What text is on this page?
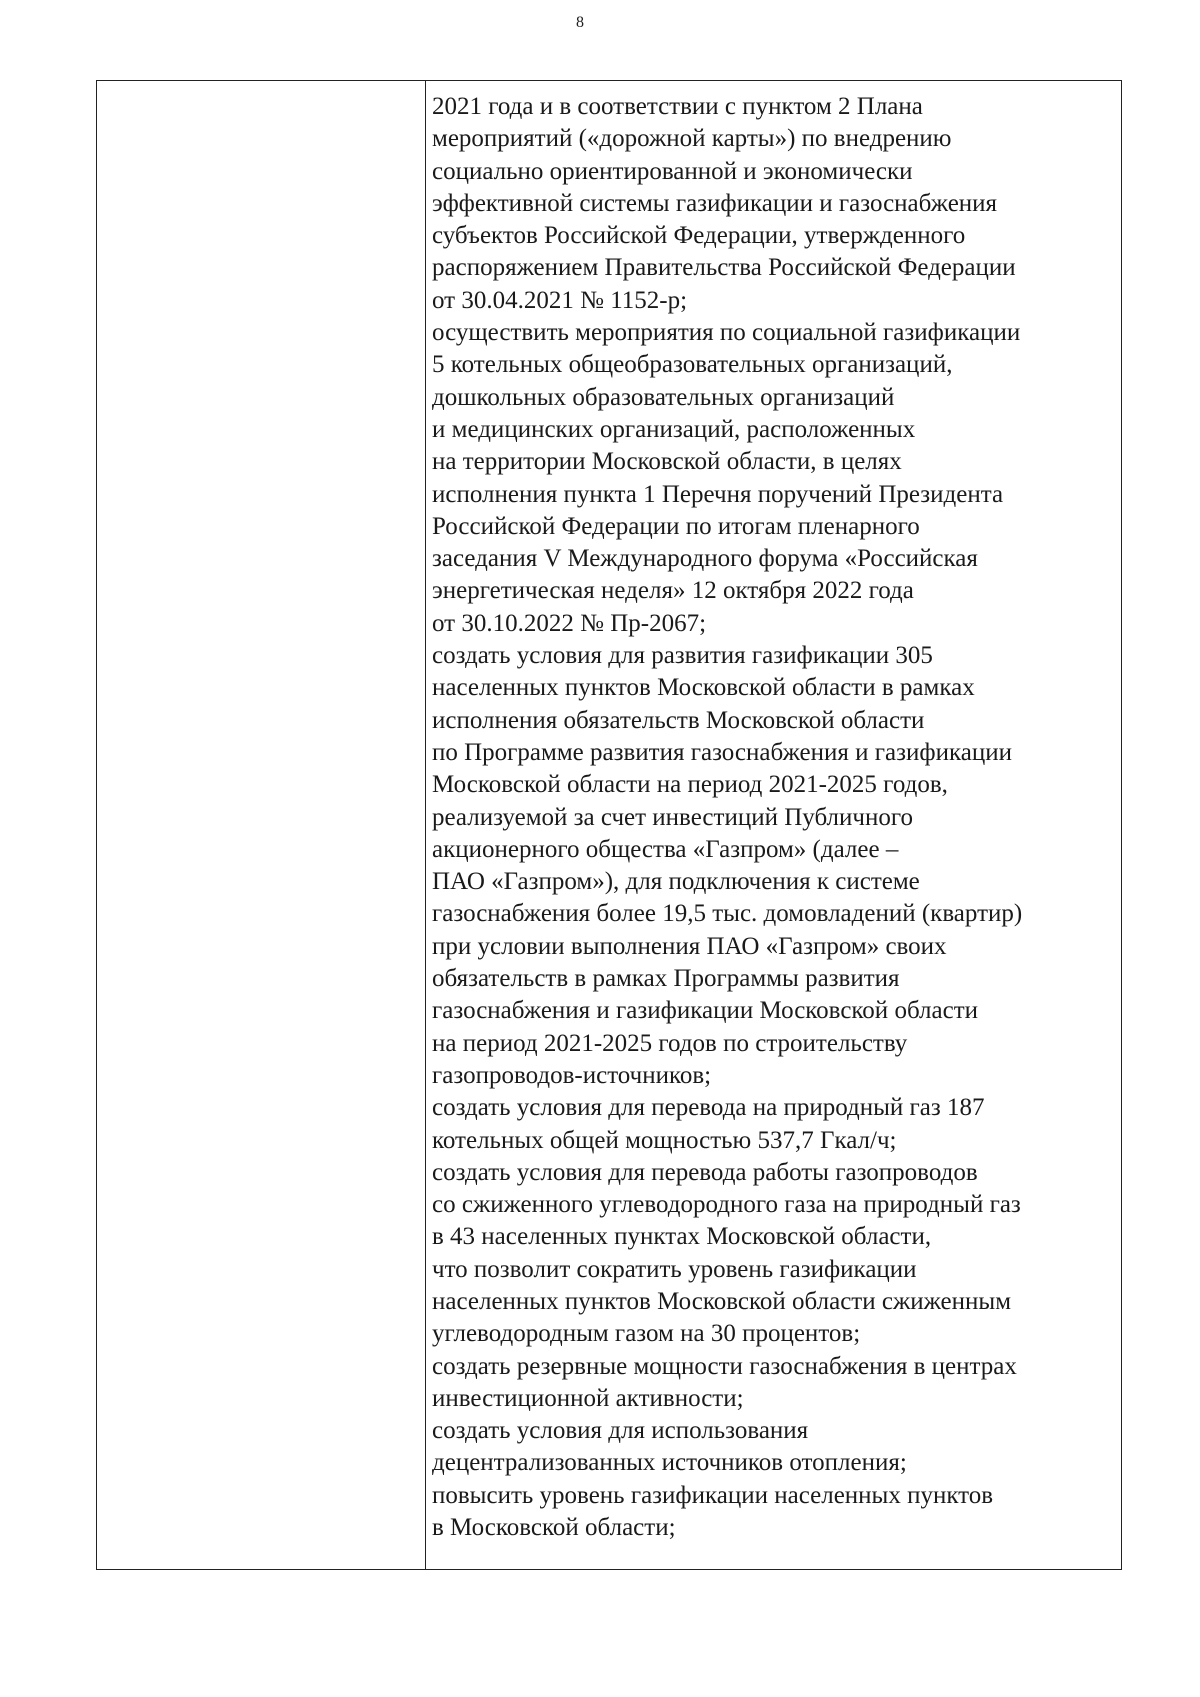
8
2021 года и в соответствии с пунктом 2 Плана
мероприятий («дорожной карты») по внедрению
социально ориентированной и экономически
эффективной системы газификации и газоснабжения
субъектов Российской Федерации, утвержденного
распоряжением Правительства Российской Федерации
от 30.04.2021 № 1152-р;
осуществить мероприятия по социальной газификации
5 котельных общеобразовательных организаций,
дошкольных образовательных организаций
и медицинских организаций, расположенных
на территории Московской области, в целях
исполнения пункта 1 Перечня поручений Президента
Российской Федерации по итогам пленарного
заседания V Международного форума «Российская
энергетическая неделя» 12 октября 2022 года
от 30.10.2022 № Пр-2067;
создать условия для развития газификации 305
населенных пунктов Московской области в рамках
исполнения обязательств Московской области
по Программе развития газоснабжения и газификации
Московской области на период 2021-2025 годов,
реализуемой за счет инвестиций Публичного
акционерного общества «Газпром» (далее –
ПАО «Газпром»), для подключения к системе
газоснабжения более 19,5 тыс. домовладений (квартир)
при условии выполнения ПАО «Газпром» своих
обязательств в рамках Программы развития
газоснабжения и газификации Московской области
на период 2021-2025 годов по строительству
газопроводов-источников;
создать условия для перевода на природный газ 187
котельных общей мощностью 537,7 Гкал/ч;
создать условия для перевода работы газопроводов
со сжиженного углеводородного газа на природный газ
в 43 населенных пунктах Московской области,
что позволит сократить уровень газификации
населенных пунктов Московской области сжиженным
углеводородным газом на 30 процентов;
создать резервные мощности газоснабжения в центрах
инвестиционной активности;
создать условия для использования
децентрализованных источников отопления;
повысить уровень газификации населенных пунктов
в Московской области;
